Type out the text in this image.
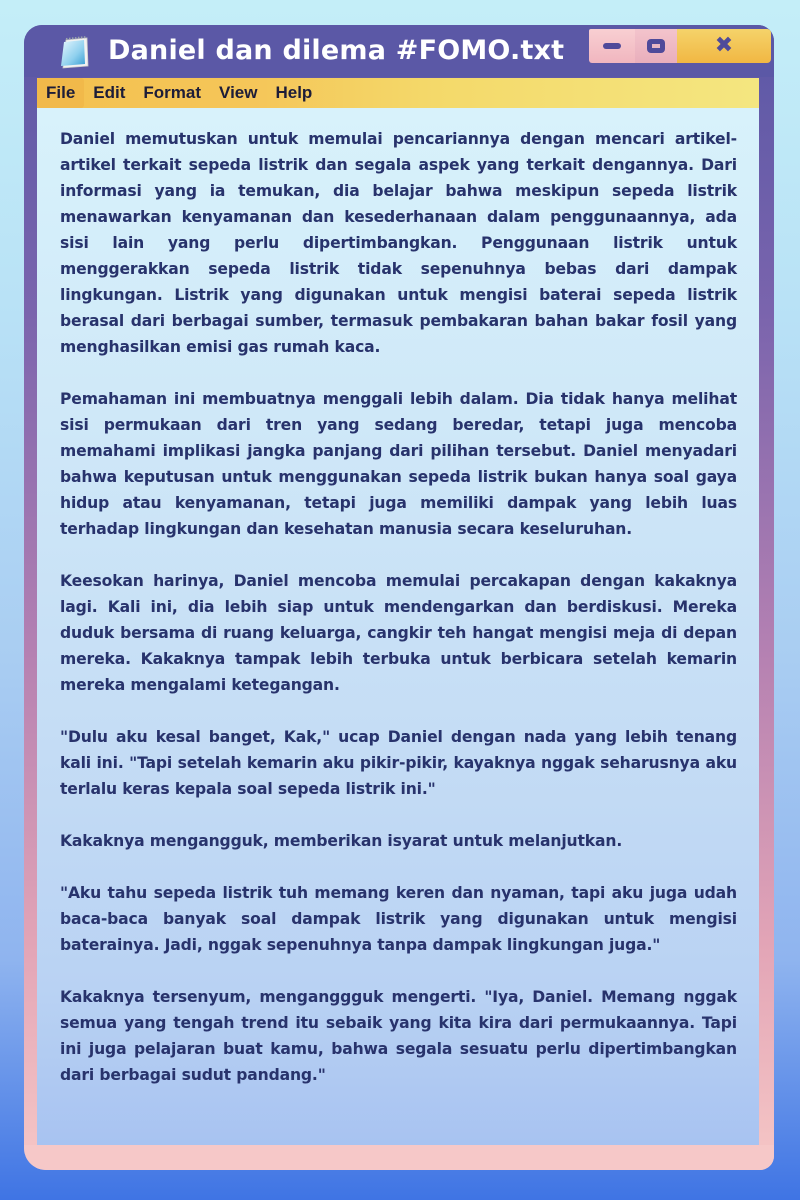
Daniel dan dilema #FOMO.txt	✖
File	Edit	Format	View	Help

Daniel memutuskan untuk memulai pencariannya dengan mencari artikel-artikel terkait sepeda listrik dan segala aspek yang terkait dengannya. Dari informasi yang ia temukan, dia belajar bahwa meskipun sepeda listrik menawarkan kenyamanan dan kesederhanaan dalam penggunaannya, ada sisi lain yang perlu dipertimbangkan. Penggunaan listrik untuk menggerakkan sepeda listrik tidak sepenuhnya bebas dari dampak lingkungan. Listrik yang digunakan untuk mengisi baterai sepeda listrik berasal dari berbagai sumber, termasuk pembakaran bahan bakar fosil yang menghasilkan emisi gas rumah kaca.

Pemahaman ini membuatnya menggali lebih dalam. Dia tidak hanya melihat sisi permukaan dari tren yang sedang beredar, tetapi juga mencoba memahami implikasi jangka panjang dari pilihan tersebut. Daniel menyadari bahwa keputusan untuk menggunakan sepeda listrik bukan hanya soal gaya hidup atau kenyamanan, tetapi juga memiliki dampak yang lebih luas terhadap lingkungan dan kesehatan manusia secara keseluruhan.

Keesokan harinya, Daniel mencoba memulai percakapan dengan kakaknya lagi. Kali ini, dia lebih siap untuk mendengarkan dan berdiskusi. Mereka duduk bersama di ruang keluarga, cangkir teh hangat mengisi meja di depan mereka. Kakaknya tampak lebih terbuka untuk berbicara setelah kemarin mereka mengalami ketegangan.

"Dulu aku kesal banget, Kak," ucap Daniel dengan nada yang lebih tenang kali ini. "Tapi setelah kemarin aku pikir-pikir, kayaknya nggak seharusnya aku terlalu keras kepala soal sepeda listrik ini."

Kakaknya mengangguk, memberikan isyarat untuk melanjutkan.

"Aku tahu sepeda listrik tuh memang keren dan nyaman, tapi aku juga udah baca-baca banyak soal dampak listrik yang digunakan untuk mengisi baterainya. Jadi, nggak sepenuhnya tanpa dampak lingkungan juga."

Kakaknya tersenyum, menganggguk mengerti. "Iya, Daniel. Memang nggak semua yang tengah trend itu sebaik yang kita kira dari permukaannya. Tapi ini juga pelajaran buat kamu, bahwa segala sesuatu perlu dipertimbangkan dari berbagai sudut pandang."
